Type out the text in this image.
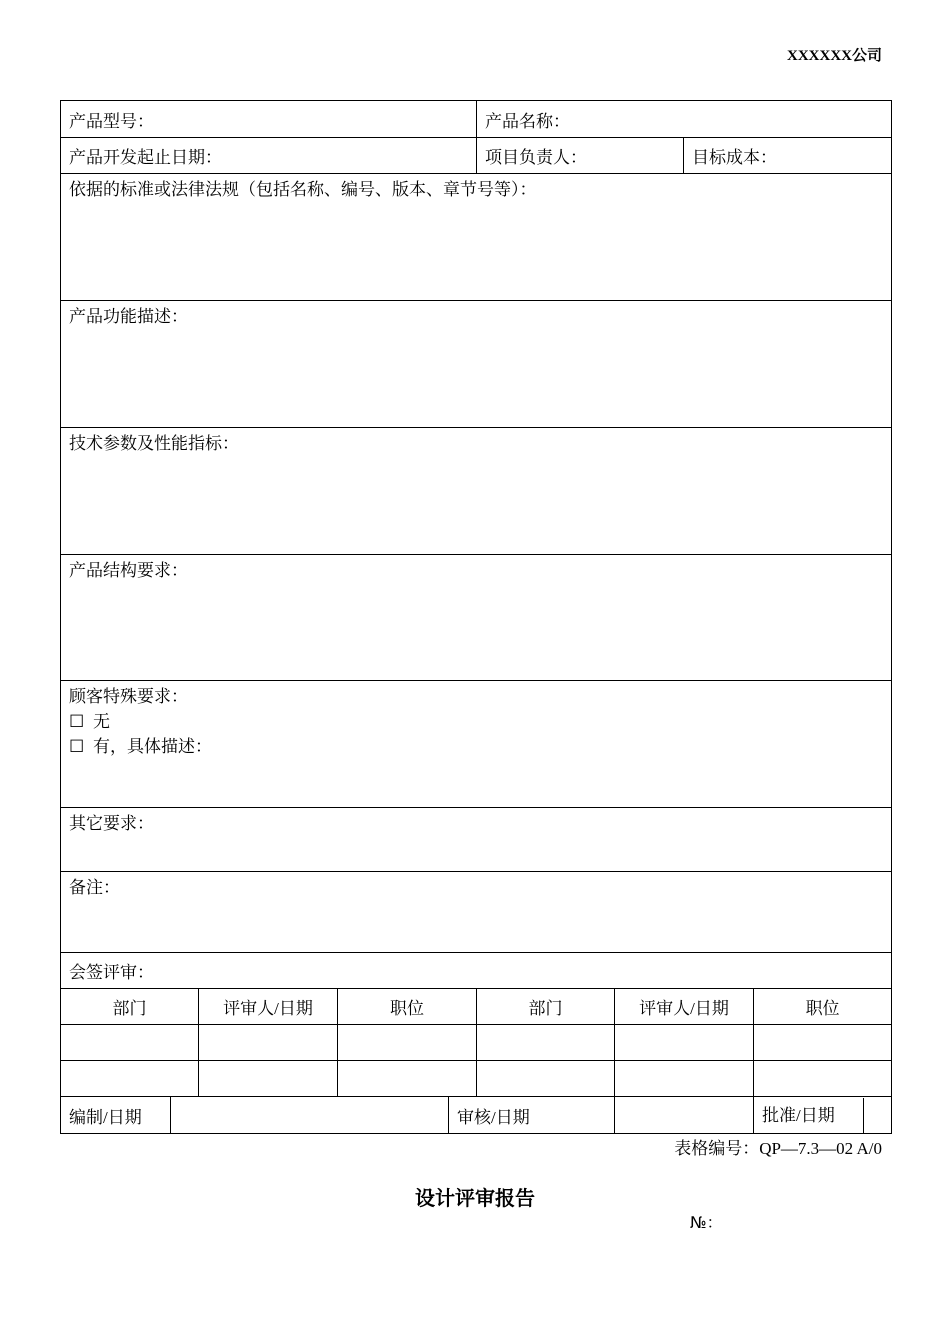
XXXXXX公司
产品型号：					产品名称：			
产品开发起止日期：					项目负责人：		目标成本：	
依据的标准或法律法规（包括名称、编号、版本、章节号等）：								
产品功能描述：								
技术参数及性能指标：								
产品结构要求：								

顾客特殊要求：
☐ 无
☐ 有，具体描述：								

其它要求：								
备注：								
会签评审：								
部门		评审人/日期	职位		部门	评审人/日期		职位

编制/日期				审核/日期				批准/日期
表格编号：QP—7.3—02 A/0
设计评审报告
№：
